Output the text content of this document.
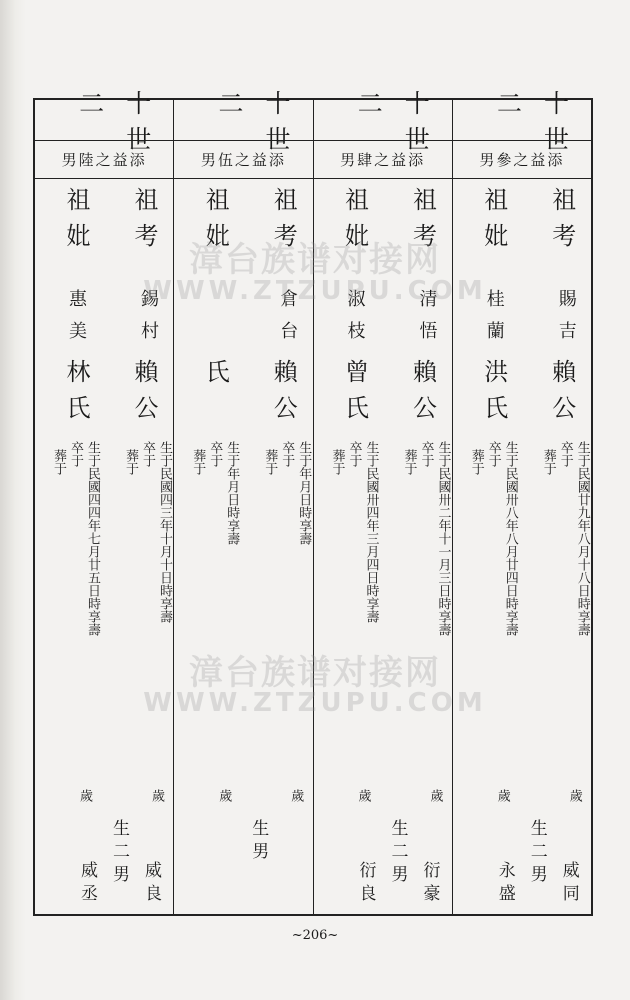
二十世
添益之陸男
祖考
祖妣
錫村
惠美
賴公
林氏
生于民國四三年十月十日時享壽
卒于
葬于
生于民國四四年七月廿五日時享壽
卒于
葬于
歲
歲
生二男 威良
威丞
二十世
添益之伍男
祖考
祖妣
倉台
賴公
氏
生于年月日時享壽
卒于
葬于
生于年月日時享壽
卒于
葬于
歲
歲
生男
二十世
添益之肆男
祖考
祖妣
清悟
淑枝
賴公
曾氏
生于民國卅二年十一月三日時享壽
卒于
葬于
生于民國卅四年三月四日時享壽
卒于
葬于
歲
歲
生二男 衍豪
衍良
二十世
添益之參男
祖考
祖妣
賜吉
桂蘭
賴公
洪氏
生于民國廿九年八月十八日時享壽
卒于
葬于
生于民國卅八年八月廿四日時享壽
卒于
葬于
歲
歲
生二男 威同
永盛
漳台族谱对接网
WWW.ZTZUPU.COM
漳台族谱对接网
WWW.ZTZUPU.COM
~206~
